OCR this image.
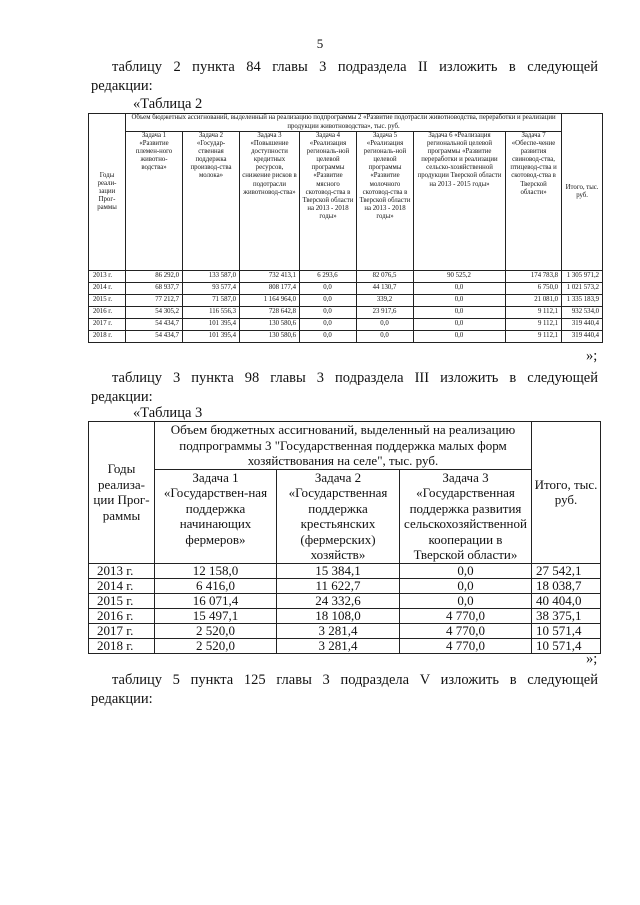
5
таблицу 2 пункта 84 главы 3 подраздела II изложить в следующей
редакции:
«Таблица 2
Годы реали-зации Прог-раммы	Объем бюджетных ассигнований, выделенный на реализацию подпрограммы 2 «Развитие подотрасли животноводства, переработки и реализации продукции животноводства», тыс. руб.							Итого, тыс. руб.
	Задача 1 «Развитие племен-ного животно-водства»	Задача 2 «Государ-ственная поддержка производ-ства молока»	Задача 3 «Повышение доступности кредитных ресурсов, снижение рисков в подотрасли животновод-ства»	Задача 4 «Реализация региональ-ной целевой программы «Развитие мясного скотовод-ства в Тверской области на 2013 - 2018 годы»	Задача 5 «Реализация региональ-ной целевой программы «Развитие молочного скотовод-ства в Тверской области на 2013 - 2018 годы»	Задача 6 «Реализация региональной целевой программы «Развитие переработки и реализации сельско-хозяйственной продукции Тверской области на 2013 - 2015 годы»	Задача 7 «Обеспе-чение развития свиновод-ства, птицевод-ства и скотовод-ства в Тверской области»	
2013 г.	86 292,0	133 587,0	732 413,1	6 293,6	82 076,5	90 525,2	174 783,8	1 305 971,2
2014 г.	68 937,7	93 577,4	808 177,4	0,0	44 130,7	0,0	6 750,0	1 021 573,2
2015 г.	77 212,7	71 587,0	1 164 964,0	0,0	339,2	0,0	21 081,0	1 335 183,9
2016 г.	54 305,2	116 556,3	728 642,8	0,0	23 917,6	0,0	9 112,1	932 534,0
2017 г.	54 434,7	101 395,4	130 580,6	0,0	0,0	0,0	9 112,1	319 440,4
2018 г.	54 434,7	101 395,4	130 580,6	0,0	0,0	0,0	9 112,1	319 440,4
»;
таблицу 3 пункта 98 главы 3 подраздела III изложить в следующей
редакции:
«Таблица 3
Годы реализа-ции Прог-раммы	Объем бюджетных ассигнований, выделенный на реализацию подпрограммы 3 "Государственная поддержка малых форм хозяйствования на селе", тыс. руб.			Итого, тыс. руб.
	Задача 1 «Государствен-ная поддержка начинающих фермеров»	Задача 2 «Государственная поддержка крестьянских (фермерских) хозяйств»	Задача 3 «Государственная поддержка развития сельскохозяйственной кооперации в Тверской области»	
2013 г.	12 158,0	15 384,1	0,0	27 542,1
2014 г.	6 416,0	11 622,7	0,0	18 038,7
2015 г.	16 071,4	24 332,6	0,0	40 404,0
2016 г.	15 497,1	18 108,0	4 770,0	38 375,1
2017 г.	2 520,0	3 281,4	4 770,0	10 571,4
2018 г.	2 520,0	3 281,4	4 770,0	10 571,4
»;
таблицу 5 пункта 125 главы 3 подраздела V изложить в следующей
редакции:
